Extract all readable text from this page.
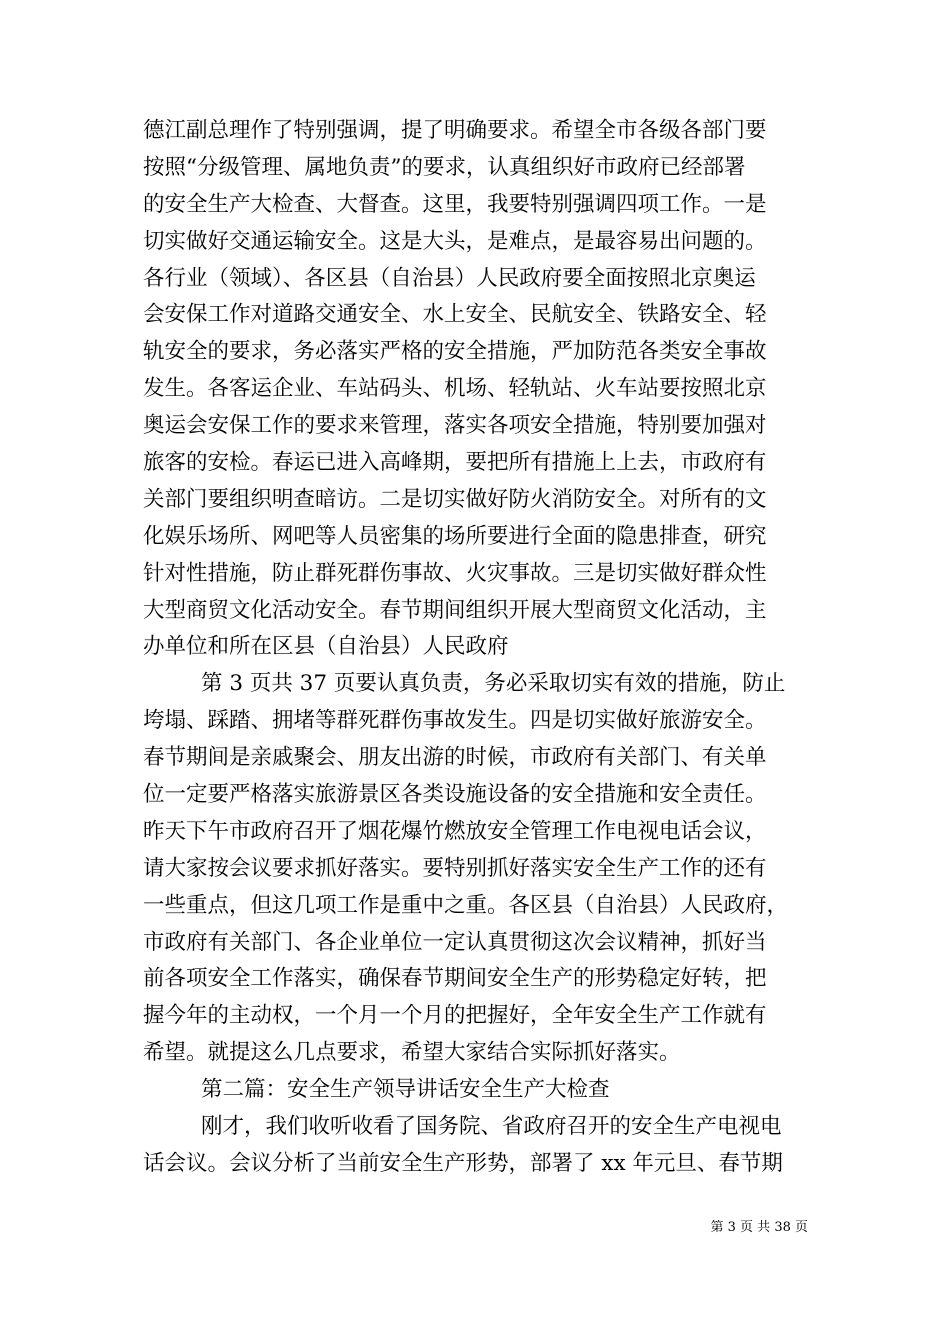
德江副总理作了特别强调，提了明确要求。希望全市各级各部门要
按照“分级管理、属地负责”的要求，认真组织好市政府已经部署
的安全生产大检查、大督查。这里，我要特别强调四项工作。一是
切实做好交通运输安全。这是大头，是难点，是最容易出问题的。
各行业（领域）、各区县（自治县）人民政府要全面按照北京奥运
会安保工作对道路交通安全、水上安全、民航安全、铁路安全、轻
轨安全的要求，务必落实严格的安全措施，严加防范各类安全事故
发生。各客运企业、车站码头、机场、轻轨站、火车站要按照北京
奥运会安保工作的要求来管理，落实各项安全措施，特别要加强对
旅客的安检。春运已进入高峰期，要把所有措施上上去，市政府有
关部门要组织明查暗访。二是切实做好防火消防安全。对所有的文
化娱乐场所、网吧等人员密集的场所要进行全面的隐患排查，研究
针对性措施，防止群死群伤事故、火灾事故。三是切实做好群众性
大型商贸文化活动安全。春节期间组织开展大型商贸文化活动，主
办单位和所在区县（自治县）人民政府
第 3 页共 37 页要认真负责，务必采取切实有效的措施，防止
垮塌、踩踏、拥堵等群死群伤事故发生。四是切实做好旅游安全。
春节期间是亲戚聚会、朋友出游的时候，市政府有关部门、有关单
位一定要严格落实旅游景区各类设施设备的安全措施和安全责任。
昨天下午市政府召开了烟花爆竹燃放安全管理工作电视电话会议，
请大家按会议要求抓好落实。要特别抓好落实安全生产工作的还有
一些重点，但这几项工作是重中之重。各区县（自治县）人民政府，
市政府有关部门、各企业单位一定认真贯彻这次会议精神，抓好当
前各项安全工作落实，确保春节期间安全生产的形势稳定好转，把
握今年的主动权，一个月一个月的把握好，全年安全生产工作就有
希望。就提这么几点要求，希望大家结合实际抓好落实。
第二篇：安全生产领导讲话安全生产大检查
刚才，我们收听收看了国务院、省政府召开的安全生产电视电
话会议。会议分析了当前安全生产形势，部署了 xx 年元旦、春节期
第 3 页 共 38 页
